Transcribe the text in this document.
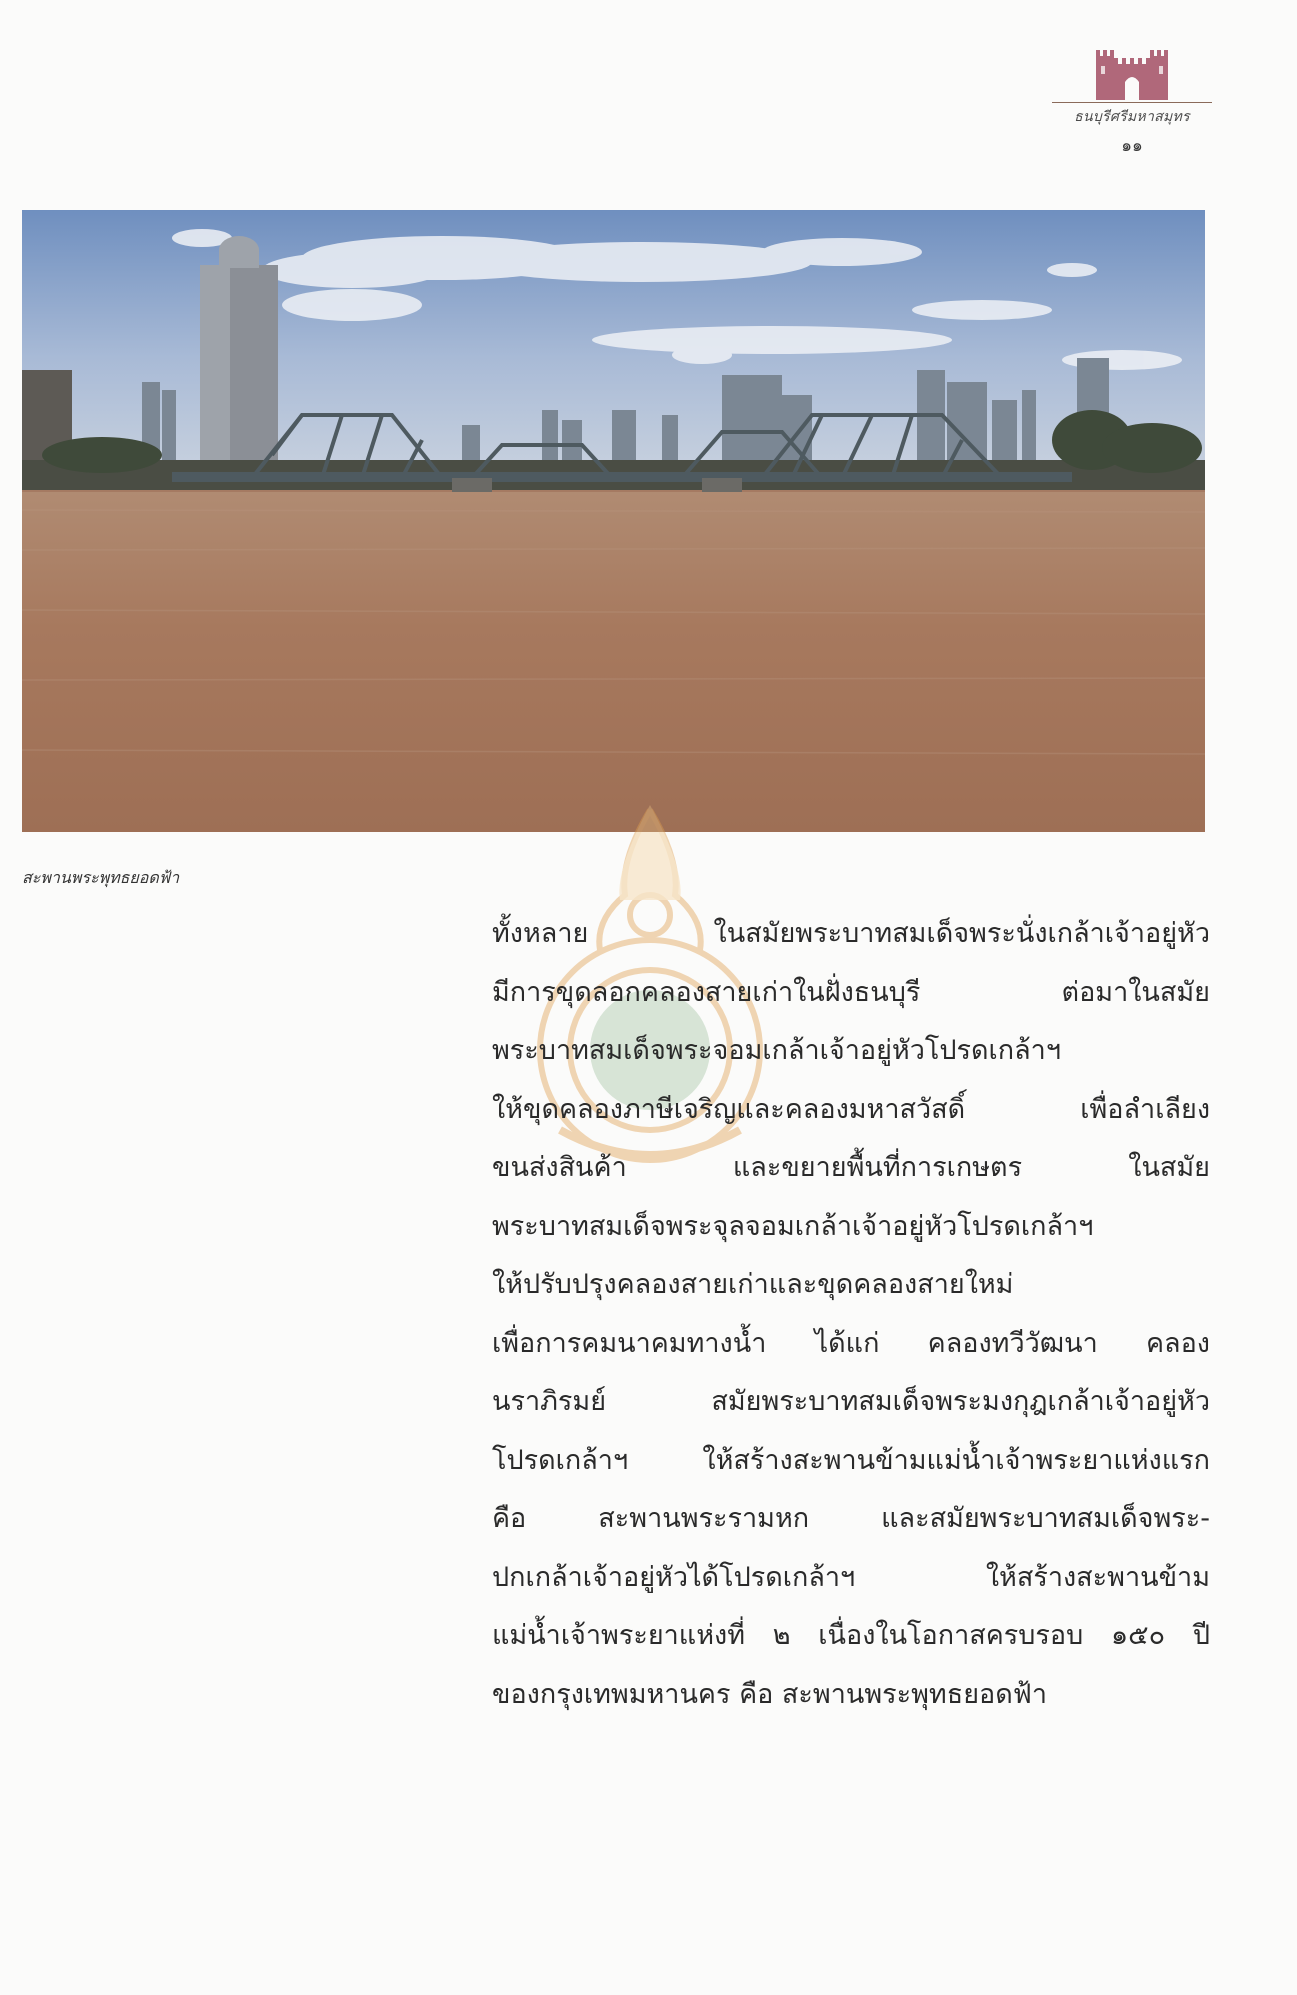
ธนบุรีศรีมหาสมุทร
๑๑
สะพานพระพุทธยอดฟ้า
ทั้งหลาย ในสมัยพระบาทสมเด็จพระนั่งเกล้าเจ้าอยู่หัว
มีการขุดลอกคลองสายเก่าในฝั่งธนบุรี ต่อมาในสมัย
พระบาทสมเด็จพระจอมเกล้าเจ้าอยู่หัวโปรดเกล้าฯ
ให้ขุดคลองภาษีเจริญและคลองมหาสวัสดิ์ เพื่อลำเลียง
ขนส่งสินค้า และขยายพื้นที่การเกษตร ในสมัย
พระบาทสมเด็จพระจุลจอมเกล้าเจ้าอยู่หัวโปรดเกล้าฯ
ให้ปรับปรุงคลองสายเก่าและขุดคลองสายใหม่
เพื่อการคมนาคมทางน้ำ ได้แก่ คลองทวีวัฒนา คลอง
นราภิรมย์ สมัยพระบาทสมเด็จพระมงกุฎเกล้าเจ้าอยู่หัว
โปรดเกล้าฯ ให้สร้างสะพานข้ามแม่น้ำเจ้าพระยาแห่งแรก
คือ สะพานพระรามหก และสมัยพระบาทสมเด็จพระ-
ปกเกล้าเจ้าอยู่หัวได้โปรดเกล้าฯ ให้สร้างสะพานข้าม
แม่น้ำเจ้าพระยาแห่งที่ ๒ เนื่องในโอกาสครบรอบ ๑๕๐ ปี
ของกรุงเทพมหานคร คือ สะพานพระพุทธยอดฟ้า
